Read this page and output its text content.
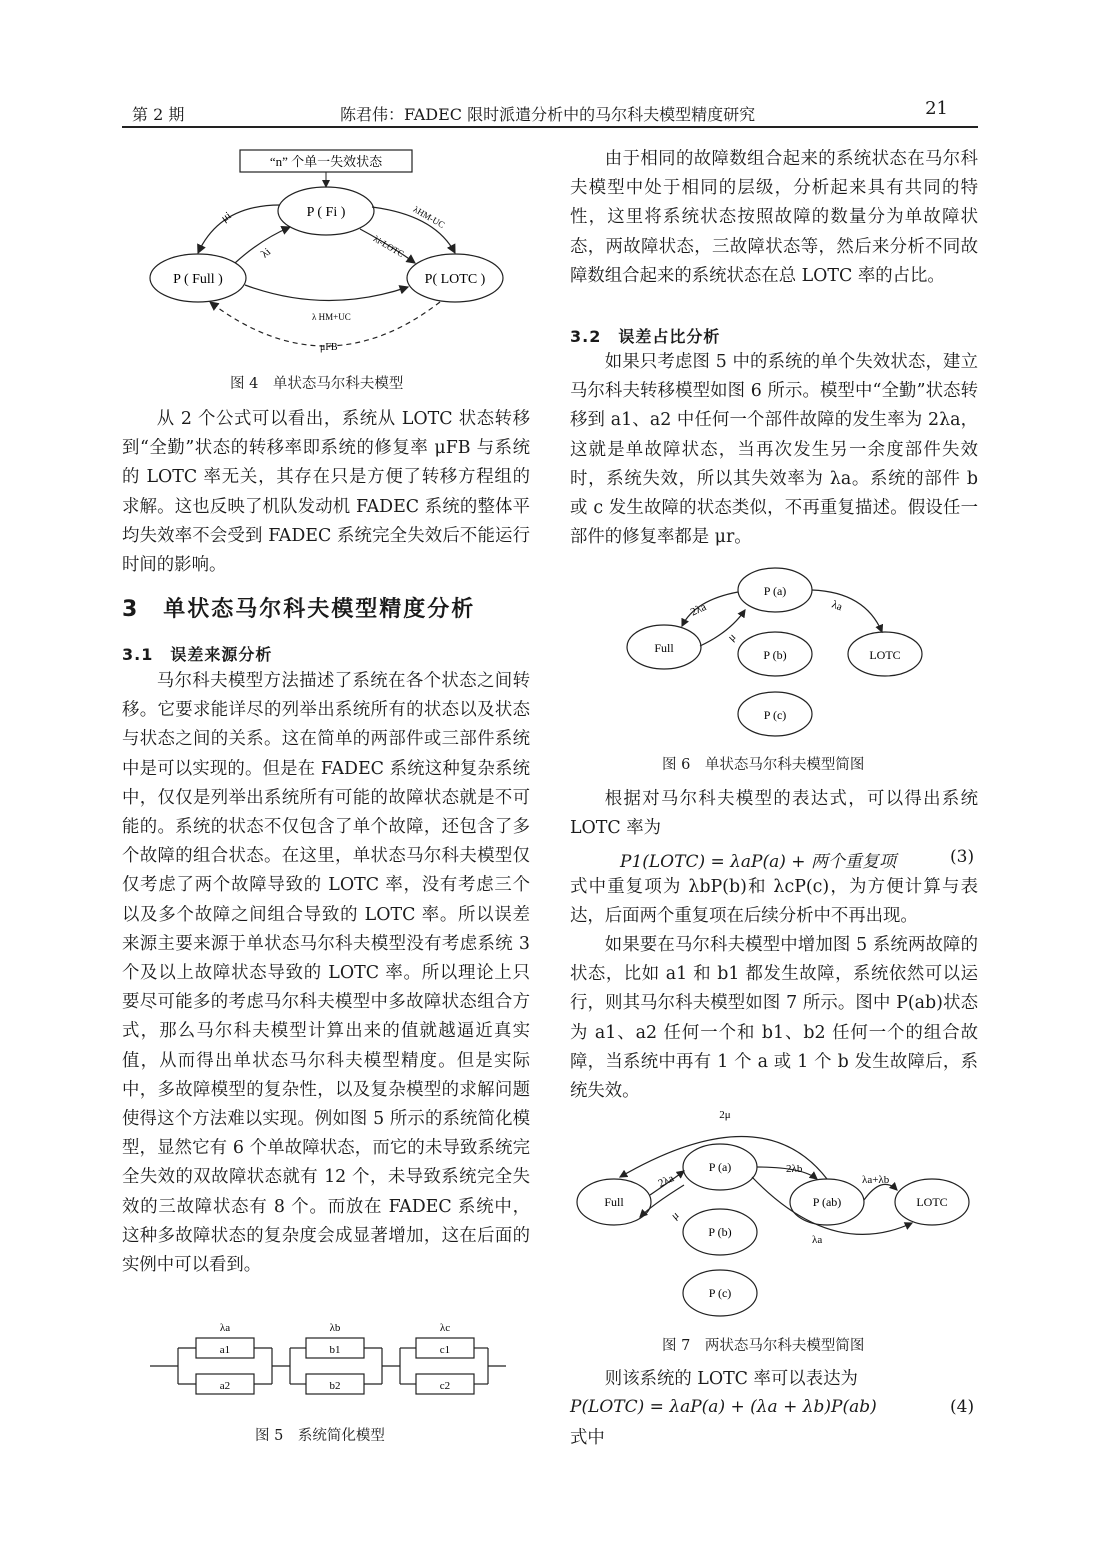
第 2 期	陈君伟：FADEC 限时派遣分析中的马尔科夫模型精度研究	21
“n” 个单一失效状态
P ( Fi )
P ( Full )	P( LOTC )
μi
λi
λHM-UC
λi-LOTC
λ HM+UC
μFB
图 4　单状态马尔科夫模型

从 2 个公式可以看出，系统从 LOTC 状态转移到“全勤”状态的转移率即系统的修复率 μFB 与系统的 LOTC 率无关，其存在只是方便了转移方程组的求解。这也反映了机队发动机 FADEC 系统的整体平均失效率不会受到 FADEC 系统完全失效后不能运行时间的影响。

3　单状态马尔科夫模型精度分析
3.1　误差来源分析

马尔科夫模型方法描述了系统在各个状态之间转移。它要求能详尽的列举出系统所有的状态以及状态与状态之间的关系。这在简单的两部件或三部件系统中是可以实现的。但是在 FADEC 系统这种复杂系统中，仅仅是列举出系统所有可能的故障状态就是不可能的。系统的状态不仅包含了单个故障，还包含了多个故障的组合状态。在这里，单状态马尔科夫模型仅仅考虑了两个故障导致的 LOTC 率，没有考虑三个以及多个故障之间组合导致的 LOTC 率。所以误差来源主要来源于单状态马尔科夫模型没有考虑系统 3 个及以上故障状态导致的 LOTC 率。所以理论上只要尽可能多的考虑马尔科夫模型中多故障状态组合方式，那么马尔科夫模型计算出来的值就越逼近真实值，从而得出单状态马尔科夫模型精度。但是实际中，多故障模型的复杂性，以及复杂模型的求解问题使得这个方法难以实现。例如图 5 所示的系统简化模型，显然它有 6 个单故障状态，而它的未导致系统完全失效的双故障状态就有 12 个，未导致系统完全失效的三故障状态有 8 个。而放在 FADEC 系统中，这种多故障状态的复杂度会成显著增加，这在后面的实例中可以看到。

λa	λb	λc
a1
a2
b1
b2
c1
c2
图 5　系统简化模型

由于相同的故障数组合起来的系统状态在马尔科夫模型中处于相同的层级，分析起来具有共同的特性，这里将系统状态按照故障的数量分为单故障状态，两故障状态，三故障状态等，然后来分析不同故障数组合起来的系统状态在总 LOTC 率的占比。

3.2　误差占比分析

如果只考虑图 5 中的系统的单个失效状态，建立马尔科夫转移模型如图 6 所示。模型中“全勤”状态转移到 a1、a2 中任何一个部件故障的发生率为 2λa，这就是单故障状态，当再次发生另一余度部件失效时，系统失效，所以其失效率为 λa。系统的部件 b 或 c 发生故障的状态类似，不再重复描述。假设任一部件的修复率都是 μr。

P (a)
Full	P (b)	LOTC
P (c)
2λa	λa
μ
图 6　单状态马尔科夫模型简图

根据对马尔科夫模型的表达式，可以得出系统 LOTC 率为

P1(LOTC) = λaP(a) + 两个重复项	(3)

式中重复项为 λbP(b)和 λcP(c)，为方便计算与表达，后面两个重复项在后续分析中不再出现。

如果要在马尔科夫模型中增加图 5 系统两故障的状态，比如 a1 和 b1 都发生故障，系统依然可以运行，则其马尔科夫模型如图 7 所示。图中 P(ab)状态为 a1、a2 任何一个和 b1、b2 任何一个的组合故障，当系统中再有 1 个 a 或 1 个 b 发生故障后，系统失效。

2μ
P (a)
Full	P (ab)	LOTC
P (b)
P (c)
2λa
2λb
λa+λb
μ
λa
图 7　两状态马尔科夫模型简图

则该系统的 LOTC 率可以表达为

P(LOTC) = λaP(a) + (λa + λb)P(ab)	(4)

式中
